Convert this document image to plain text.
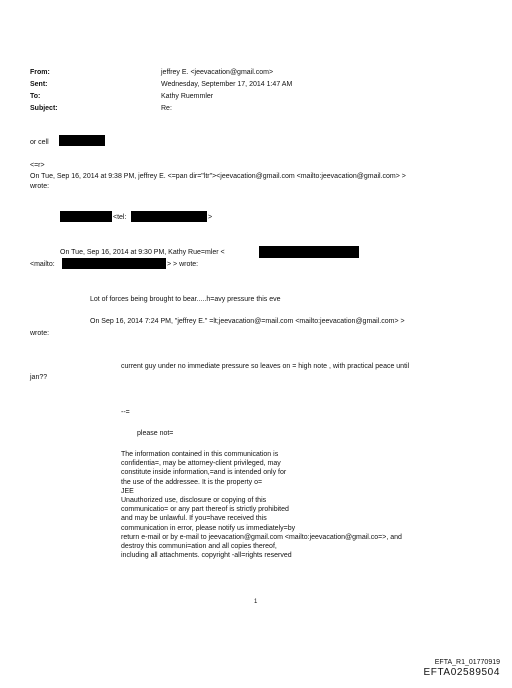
From:	jeffrey E. <jeevacation@gmail.com>
Sent:	Wednesday, September 17, 2014 1:47 AM
To:	Kathy Ruemmler
Subject:	Re:
or cell
<=r>
On Tue, Sep 16, 2014 at 9:38 PM, jeffrey E. <=pan dir="ltr"><jeevacation@gmail.com <mailto:jeevacation@gmail.com> >
wrote:
<tel:	>
On Tue, Sep 16, 2014 at 9:30 PM, Kathy Rue=mler <
<mailto:	> > wrote:
Lot of forces being brought to bear.....h=avy pressure this eve
On Sep 16, 2014 7:24 PM, "jeffrey E." =lt;jeevacation@=mail.com <mailto:jeevacation@gmail.com> >
wrote:
current guy under no immediate pressure so leaves on = high note , with practical peace until
jan??
--=
please not=
The information contained in this communication is
confidentia=, may be attorney-client privileged, may
constitute inside information,=and is intended only for
the use of the addressee. It is the property o=
JEE
Unauthorized use, disclosure or copying of this
communicatio= or any part thereof is strictly prohibited
and may be unlawful. If you=have received this
communication in error, please notify us immediately=by
return e-mail or by e-mail to jeevacation@gmail.com <mailto:jeevacation@gmail.co=>, and
destroy this communi=ation and all copies thereof,
including all attachments. copyright -all=rights reserved
1
EFTA_R1_01770919
EFTA02589504
